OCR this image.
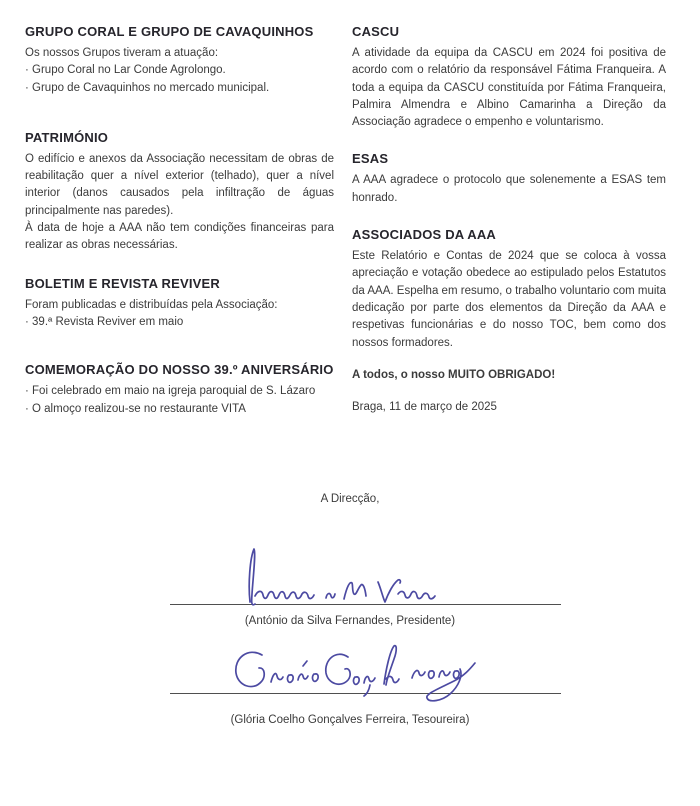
GRUPO CORAL E GRUPO DE CAVAQUINHOS

Os nossos Grupos tiveram a atuação:

· Grupo Coral no Lar Conde Agrolongo.

· Grupo de Cavaquinhos no mercado municipal.

PATRIMÓNIO

O edifício e anexos da Associação necessitam de obras de reabilitação quer a nível exterior (telhado), quer a nível interior (danos causados pela infiltração de águas principalmente nas paredes).

À data de hoje a AAA não tem condições financeiras para realizar as obras necessárias.

BOLETIM E REVISTA REVIVER

Foram publicadas e distribuídas pela Associação:

· 39.ª Revista Reviver em maio

COMEMORAÇÃO DO NOSSO 39.º ANIVERSÁRIO

· Foi celebrado em maio na igreja paroquial de S. Lázaro

· O almoço realizou-se no restaurante VITA

CASCU

A atividade da equipa da CASCU em 2024 foi positiva de acordo com o relatório da responsável Fátima Franqueira. A toda a equipa da CASCU constituída por Fátima Franqueira, Palmira Almendra e Albino Camarinha a Direção da Associação agradece o empenho e voluntarismo.

ESAS

A AAA agradece o protocolo que solenemente a ESAS tem honrado.

ASSOCIADOS DA AAA

Este Relatório e Contas de 2024 que se coloca à vossa apreciação e votação obedece ao estipulado pelos Estatutos da AAA. Espelha em resumo, o trabalho voluntario com muita dedicação por parte dos elementos da Direção da AAA e respetivas funcionárias e do nosso TOC, bem como dos nossos formadores.

A todos, o nosso MUITO OBRIGADO!

Braga, 11 de março de 2025

A Direcção,
(António da Silva Fernandes, Presidente)
(Glória Coelho Gonçalves Ferreira, Tesoureira)
